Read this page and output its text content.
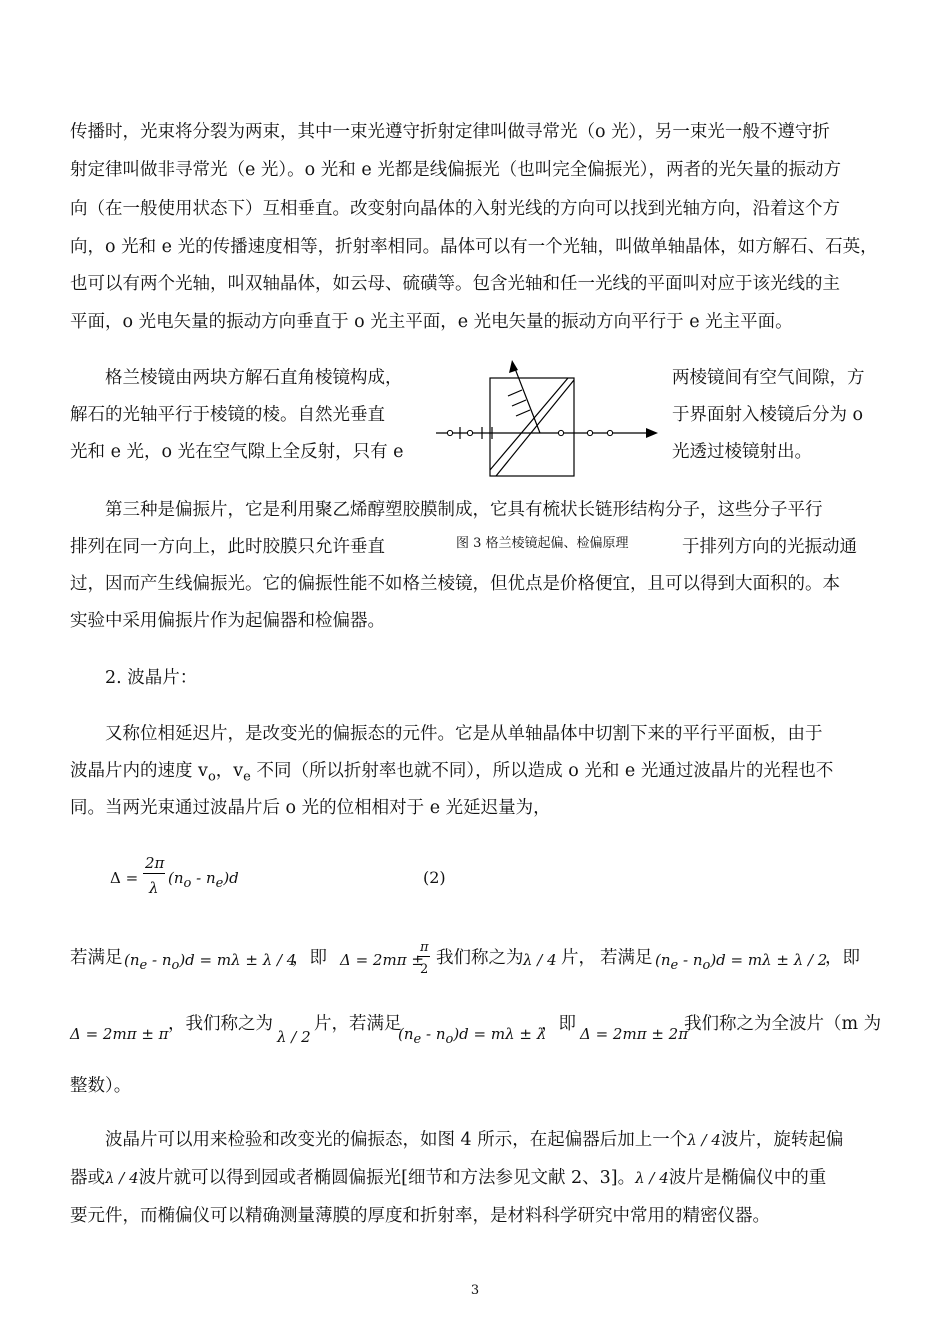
传播时，光束将分裂为两束，其中一束光遵守折射定律叫做寻常光（o 光），另一束光一般不遵守折
射定律叫做非寻常光（e 光）。o 光和 e 光都是线偏振光（也叫完全偏振光），两者的光矢量的振动方
向（在一般使用状态下）互相垂直。改变射向晶体的入射光线的方向可以找到光轴方向，沿着这个方
向，o 光和 e 光的传播速度相等，折射率相同。晶体可以有一个光轴，叫做单轴晶体，如方解石、石英，
也可以有两个光轴，叫双轴晶体，如云母、硫磺等。包含光轴和任一光线的平面叫对应于该光线的主
平面，o 光电矢量的振动方向垂直于 o 光主平面，e 光电矢量的振动方向平行于 e 光主平面。
格兰棱镜由两块方解石直角棱镜构成，
解石的光轴平行于棱镜的棱。自然光垂直
光和 e 光，o 光在空气隙上全反射，只有 e
两棱镜间有空气间隙，方
于界面射入棱镜后分为 o
光透过棱镜射出。
第三种是偏振片，它是利用聚乙烯醇塑胶膜制成，它具有梳状长链形结构分子，这些分子平行
排列在同一方向上，此时胶膜只允许垂直	图 3 格兰棱镜起偏、检偏原理	于排列方向的光振动通
过，因而产生线偏振光。它的偏振性能不如格兰棱镜，但优点是价格便宜，且可以得到大面积的。本
实验中采用偏振片作为起偏器和检偏器。
2. 波晶片：
又称位相延迟片，是改变光的偏振态的元件。它是从单轴晶体中切割下来的平行平面板，由于
波晶片内的速度 $v_o$，$v_e$ 不同（所以折射率也就不同），所以造成 o 光和 e 光通过波晶片的光程也不
同。当两光束通过波晶片后 o 光的位相相对于 e 光延迟量为，
Δ =
2π
λ
$(n_o - n_e)d$	(2)
若满足 $(n_e - n_o)d = m\lambda \pm \lambda / 4$
，即 Δ = 2mπ ±
π
2
我们称之为 λ / 4 片， 若满足 $(n_e - n_o)d = m\lambda \pm \lambda / 2$
，即
Δ = 2mπ ± π ，我们称之为
λ / 2
片，若满足
$(n_e - n_o)d = m\lambda \pm \lambda$
，即 Δ = 2mπ ± 2π
我们称之为全波片（m 为
整数）。
波晶片可以用来检验和改变光的偏振态，如图 4 所示，在起偏器后加上一个λ / 4波片，旋转起偏
器或λ / 4波片就可以得到园或者椭圆偏振光[细节和方法参见文献 2、3]。λ / 4波片是椭偏仪中的重
要元件，而椭偏仪可以精确测量薄膜的厚度和折射率，是材料科学研究中常用的精密仪器。
3
